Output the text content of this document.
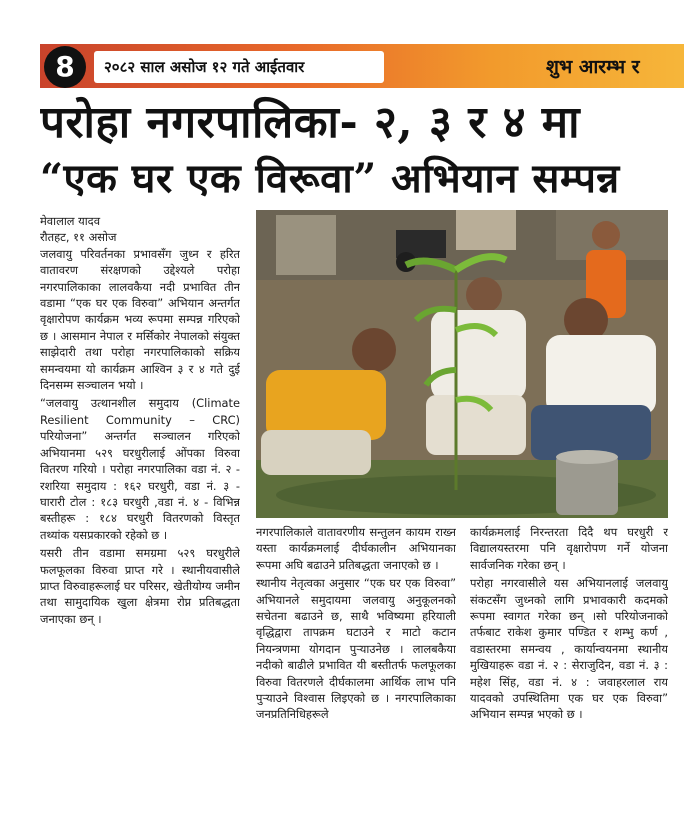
8	२०८२ साल असोज १२ गते आईतवार	शुभ आरम्भ र
परोहा नगरपालिका- २, ३ र ४ मा
“एक घर एक विरूवा” अभियान सम्पन्न
मेवालाल यादव
रौतहट, ११ असोज

जलवायु परिवर्तनका प्रभावसँग जुध्न र हरित वातावरण संरक्षणको उद्देश्यले परोहा नगरपालिकाका लालवकैया नदी प्रभावित तीन वडामा “एक घर एक विरुवा” अभियान अन्तर्गत वृक्षारोपण कार्यक्रम भव्य रूपमा सम्पन्न गरिएको छ । आसमान नेपाल र मर्सिकोर नेपालको संयुक्त साझेदारी तथा परोहा नगरपालिकाको सक्रिय समन्वयमा यो कार्यक्रम आश्विन ३ र ४ गते दुई दिनसम्म सञ्चालन भयो ।

“जलवायु उत्थानशील समुदाय (Climate Resilient Community – CRC) परियोजना” अन्तर्गत सञ्चालन गरिएको अभियानमा ५२९ घरधुरीलाई ओंपका विरुवा वितरण गरियो । परोहा नगरपालिका वडा नं. २ - रशरिया समुदाय : १६२ घरधुरी, वडा नं. ३ - घारारी टोल : १८३ घरधुरी ,वडा नं. ४ - विभिन्न बस्तीहरू : १८४ घरधुरी वितरणको विस्तृत तथ्यांक यसप्रकारको रहेको छ ।

यसरी तीन वडामा समग्रमा ५२९ घरधुरीले फलफूलका विरुवा प्राप्त गरे । स्थानीयवासीले प्राप्त विरुवाहरूलाई घर परिसर, खेतीयोग्य जमीन तथा सामुदायिक खुला क्षेत्रमा रोप्न प्रतिबद्धता जनाएका छन् ।

नगरपालिकाले वातावरणीय सन्तुलन कायम राख्न यस्ता कार्यक्रमलाई दीर्घकालीन अभियानका रूपमा अघि बढाउने प्रतिबद्धता जनाएको छ ।

स्थानीय नेतृत्वका अनुसार “एक घर एक विरुवा” अभियानले समुदायमा जलवायु अनुकूलनको सचेतना बढाउने छ, साथै भविष्यमा हरियाली वृद्धिद्वारा तापक्रम घटाउने र माटो कटान नियन्त्रणमा योगदान पुऱ्याउनेछ । लालबकैया नदीको बाढीले प्रभावित यी बस्तीतर्फ फलफूलका विरुवा वितरणले दीर्घकालमा आर्थिक लाभ पनि पुऱ्याउने विश्वास लिइएको छ । नगरपालिकाका जनप्रतिनिधिहरूले

कार्यक्रमलाई निरन्तरता दिदै थप घरधुरी र विद्यालयस्तरमा पनि वृक्षारोपण गर्ने योजना सार्वजनिक गरेका छन् ।

परोहा नगरवासीले यस अभियानलाई जलवायु संकटसँग जुध्नको लागि प्रभावकारी कदमको रूपमा स्वागत गरेका छन् ।सो परियोजनाको तर्फबाट राकेश कुमार पण्डित र शम्भु कर्ण , वडास्तरमा समन्वय , कार्यान्वयनमा स्थानीय मुखियाहरू वडा नं. २ : सेराजुदिन, वडा नं. ३ : महेश सिंह, वडा नं. ४ : जवाहरलाल राय यादवको उपस्थितिमा एक घर एक विरुवा” अभियान सम्पन्न भएको छ ।
